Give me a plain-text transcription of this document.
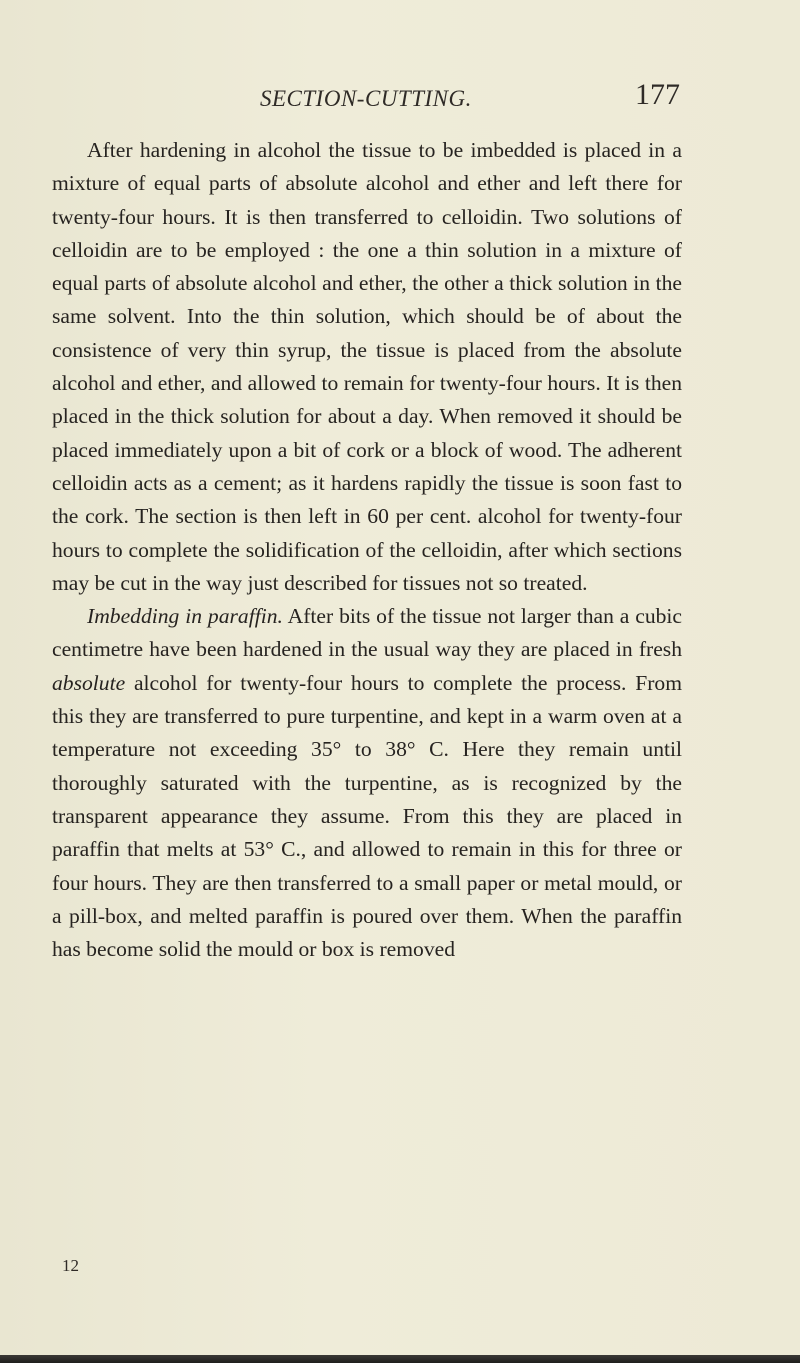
SECTION-CUTTING.	177

After hardening in alcohol the tissue to be imbedded is placed in a mixture of equal parts of absolute alcohol and ether and left there for twenty-four hours. It is then transferred to celloidin. Two solutions of celloidin are to be employed : the one a thin solution in a mixture of equal parts of absolute alcohol and ether, the other a thick solution in the same solvent. Into the thin solution, which should be of about the consistence of very thin syrup, the tissue is placed from the absolute alcohol and ether, and allowed to remain for twenty-four hours. It is then placed in the thick solution for about a day. When removed it should be placed immediately upon a bit of cork or a block of wood. The adherent celloidin acts as a cement; as it hardens rapidly the tissue is soon fast to the cork. The section is then left in 60 per cent. alcohol for twenty-four hours to complete the solidification of the celloidin, after which sections may be cut in the way just described for tissues not so treated.

Imbedding in paraffin. After bits of the tissue not larger than a cubic centimetre have been hardened in the usual way they are placed in fresh absolute alcohol for twenty-four hours to complete the process. From this they are transferred to pure turpentine, and kept in a warm oven at a temperature not exceeding 35° to 38° C. Here they remain until thoroughly saturated with the turpentine, as is recognized by the transparent appearance they assume. From this they are placed in paraffin that melts at 53° C., and allowed to remain in this for three or four hours. They are then transferred to a small paper or metal mould, or a pill-box, and melted paraffin is poured over them. When the paraffin has become solid the mould or box is removed

12
